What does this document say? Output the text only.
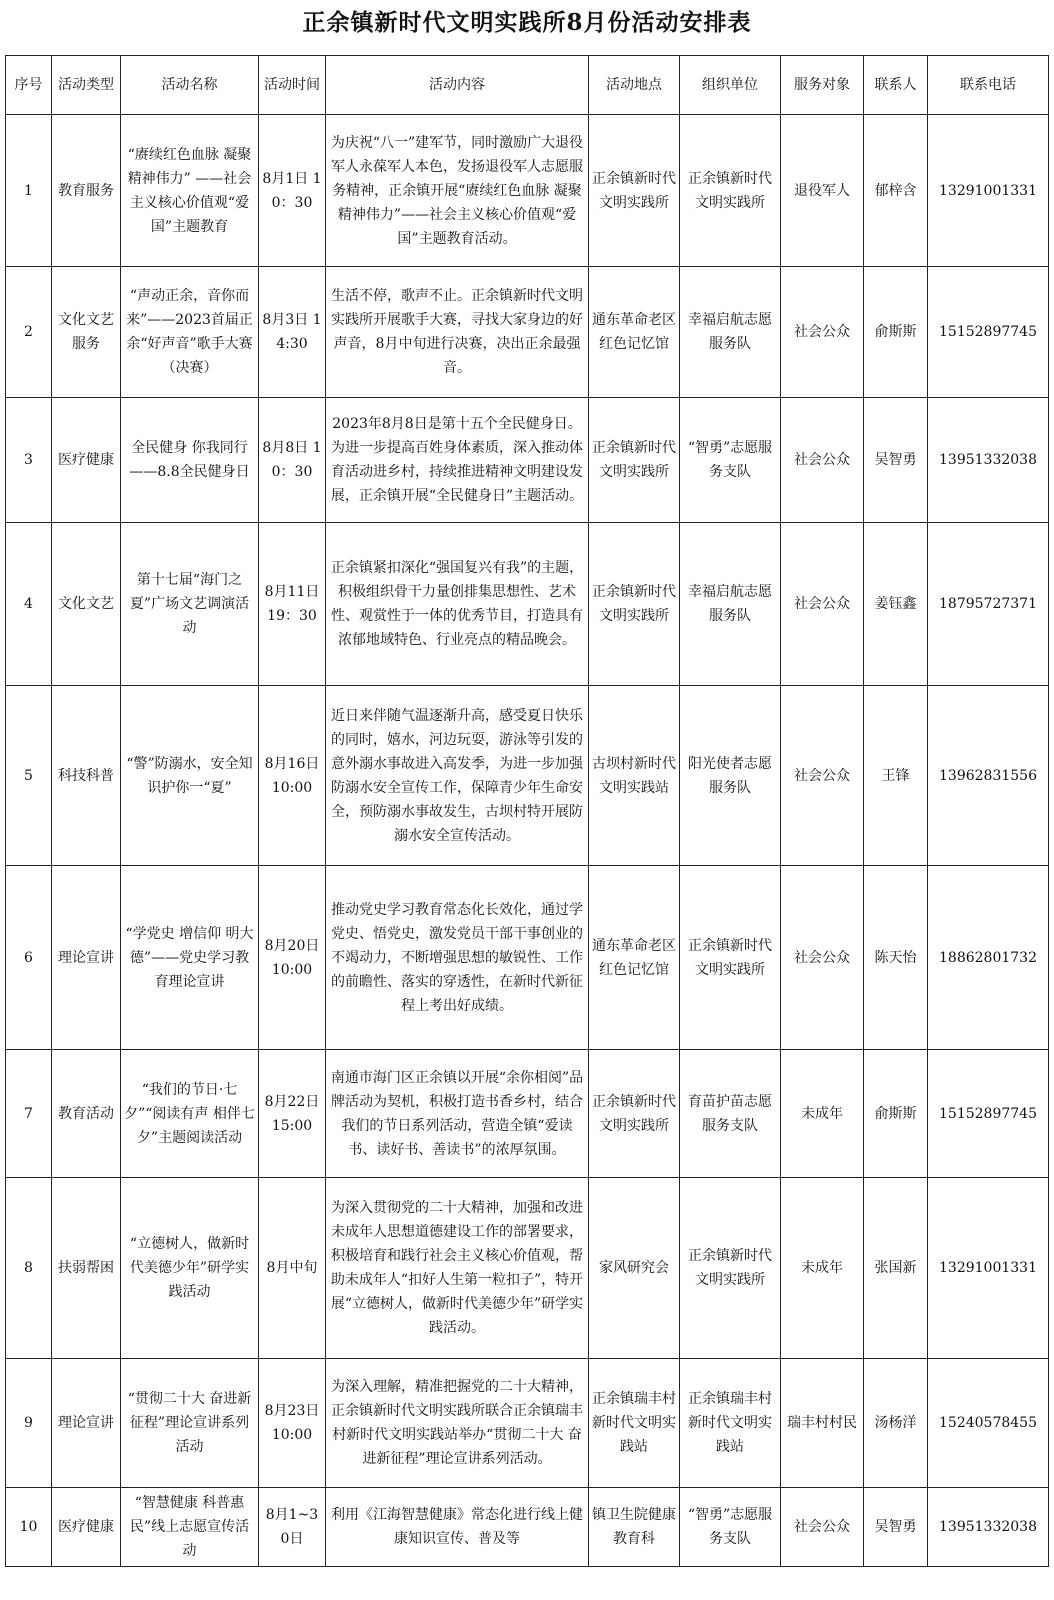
正余镇新时代文明实践所8月份活动安排表
序号	活动类型	活动名称	活动时间	活动内容	活动地点	组织单位	服务对象	联系人	联系电话
1	教育服务	“赓续红色血脉 凝聚精神伟力” ——社会主义核心价值观“爱国”主题教育	8月1日 10：30	为庆祝“八一”建军节，同时激励广大退役军人永葆军人本色，发扬退役军人志愿服务精神，正余镇开展“赓续红色血脉 凝聚精神伟力”——社会主义核心价值观“爱国”主题教育活动。	正余镇新时代文明实践所	正余镇新时代文明实践所	退役军人	郁梓含	13291001331
2	文化文艺服务	“声动正余，音你而来”——2023首届正余“好声音”歌手大赛（决赛）	8月3日 14:30	生活不停，歌声不止。正余镇新时代文明实践所开展歌手大赛，寻找大家身边的好声音，8月中旬进行决赛，决出正余最强音。	通东革命老区红色记忆馆	幸福启航志愿服务队	社会公众	俞斯斯	15152897745
3	医疗健康	全民健身 你我同行——8.8全民健身日	8月8日 10：30	2023年8月8日是第十五个全民健身日。为进一步提高百姓身体素质，深入推动体育活动进乡村，持续推进精神文明建设发展，正余镇开展“全民健身日”主题活动。	正余镇新时代文明实践所	“智勇”志愿服务支队	社会公众	吴智勇	13951332038
4	文化文艺	第十七届“海门之夏”广场文艺调演活动	8月11日 19：30	正余镇紧扣深化“强国复兴有我”的主题，积极组织骨干力量创排集思想性、艺术性、观赏性于一体的优秀节目，打造具有浓郁地域特色、行业亮点的精品晚会。	正余镇新时代文明实践所	幸福启航志愿服务队	社会公众	姜钰鑫	18795727371
5	科技科普	“警”防溺水，安全知识护你一“夏”	8月16日 10:00	近日来伴随气温逐渐升高，感受夏日快乐的同时，嬉水，河边玩耍，游泳等引发的意外溺水事故进入高发季，为进一步加强防溺水安全宣传工作，保障青少年生命安全，预防溺水事故发生，古坝村特开展防溺水安全宣传活动。	古坝村新时代文明实践站	阳光使者志愿服务队	社会公众	王锋	13962831556
6	理论宣讲	“学党史 增信仰 明大德”——党史学习教育理论宣讲	8月20日 10:00	推动党史学习教育常态化长效化，通过学党史、悟党史，激发党员干部干事创业的不竭动力，不断增强思想的敏锐性、工作的前瞻性、落实的穿透性，在新时代新征程上考出好成绩。	通东革命老区红色记忆馆	正余镇新时代文明实践所	社会公众	陈天怡	18862801732
7	教育活动	“我们的节日·七夕”“阅读有声 相伴七夕”主题阅读活动	8月22日 15:00	南通市海门区正余镇以开展“余你相阅”品牌活动为契机，积极打造书香乡村，结合我们的节日系列活动，营造全镇“爱读书、读好书、善读书”的浓厚氛围。	正余镇新时代文明实践所	育苗护苗志愿服务支队	未成年	俞斯斯	15152897745
8	扶弱帮困	“立德树人，做新时代美德少年”研学实践活动	8月中旬	为深入贯彻党的二十大精神，加强和改进未成年人思想道德建设工作的部署要求，积极培育和践行社会主义核心价值观，帮助未成年人“扣好人生第一粒扣子”，特开展“立德树人，做新时代美德少年”研学实践活动。	家风研究会	正余镇新时代文明实践所	未成年	张国新	13291001331
9	理论宣讲	“贯彻二十大 奋进新征程”理论宣讲系列活动	8月23日 10:00	为深入理解，精准把握党的二十大精神，正余镇新时代文明实践所联合正余镇瑞丰村新时代文明实践站举办“贯彻二十大 奋进新征程”理论宣讲系列活动。	正余镇瑞丰村新时代文明实践站	正余镇瑞丰村新时代文明实践站	瑞丰村村民	汤杨洋	15240578455
10	医疗健康	“智慧健康 科普惠民”线上志愿宣传活动	8月1~30日	利用《江海智慧健康》常态化进行线上健康知识宣传、普及等	镇卫生院健康教育科	“智勇”志愿服务支队	社会公众	吴智勇	13951332038
